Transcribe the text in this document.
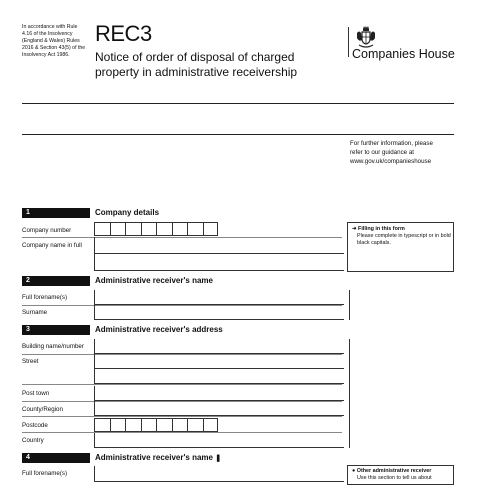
In accordance with Rule 4.16 of the Insolvency (England & Wales) Rules 2016 & Section 43(5) of the Insolvency Act 1986.
REC3
Notice of order of disposal of charged property in administrative receivership
Companies House
For further information, please
refer to our guidance at
www.gov.uk/companieshouse
1	Company details
Company number
Company name in full
➜ Filling in this form
Please complete in typescript or in bold black capitals.
2	Administrative receiver's name
Full forename(s)
Surname
3	Administrative receiver's address
Building name/number
Street
Post town
County/Region
Postcode
Country
4	Administrative receiver's name ❚
Full forename(s)	● Other administrative receiver
Use this section to tell us about
